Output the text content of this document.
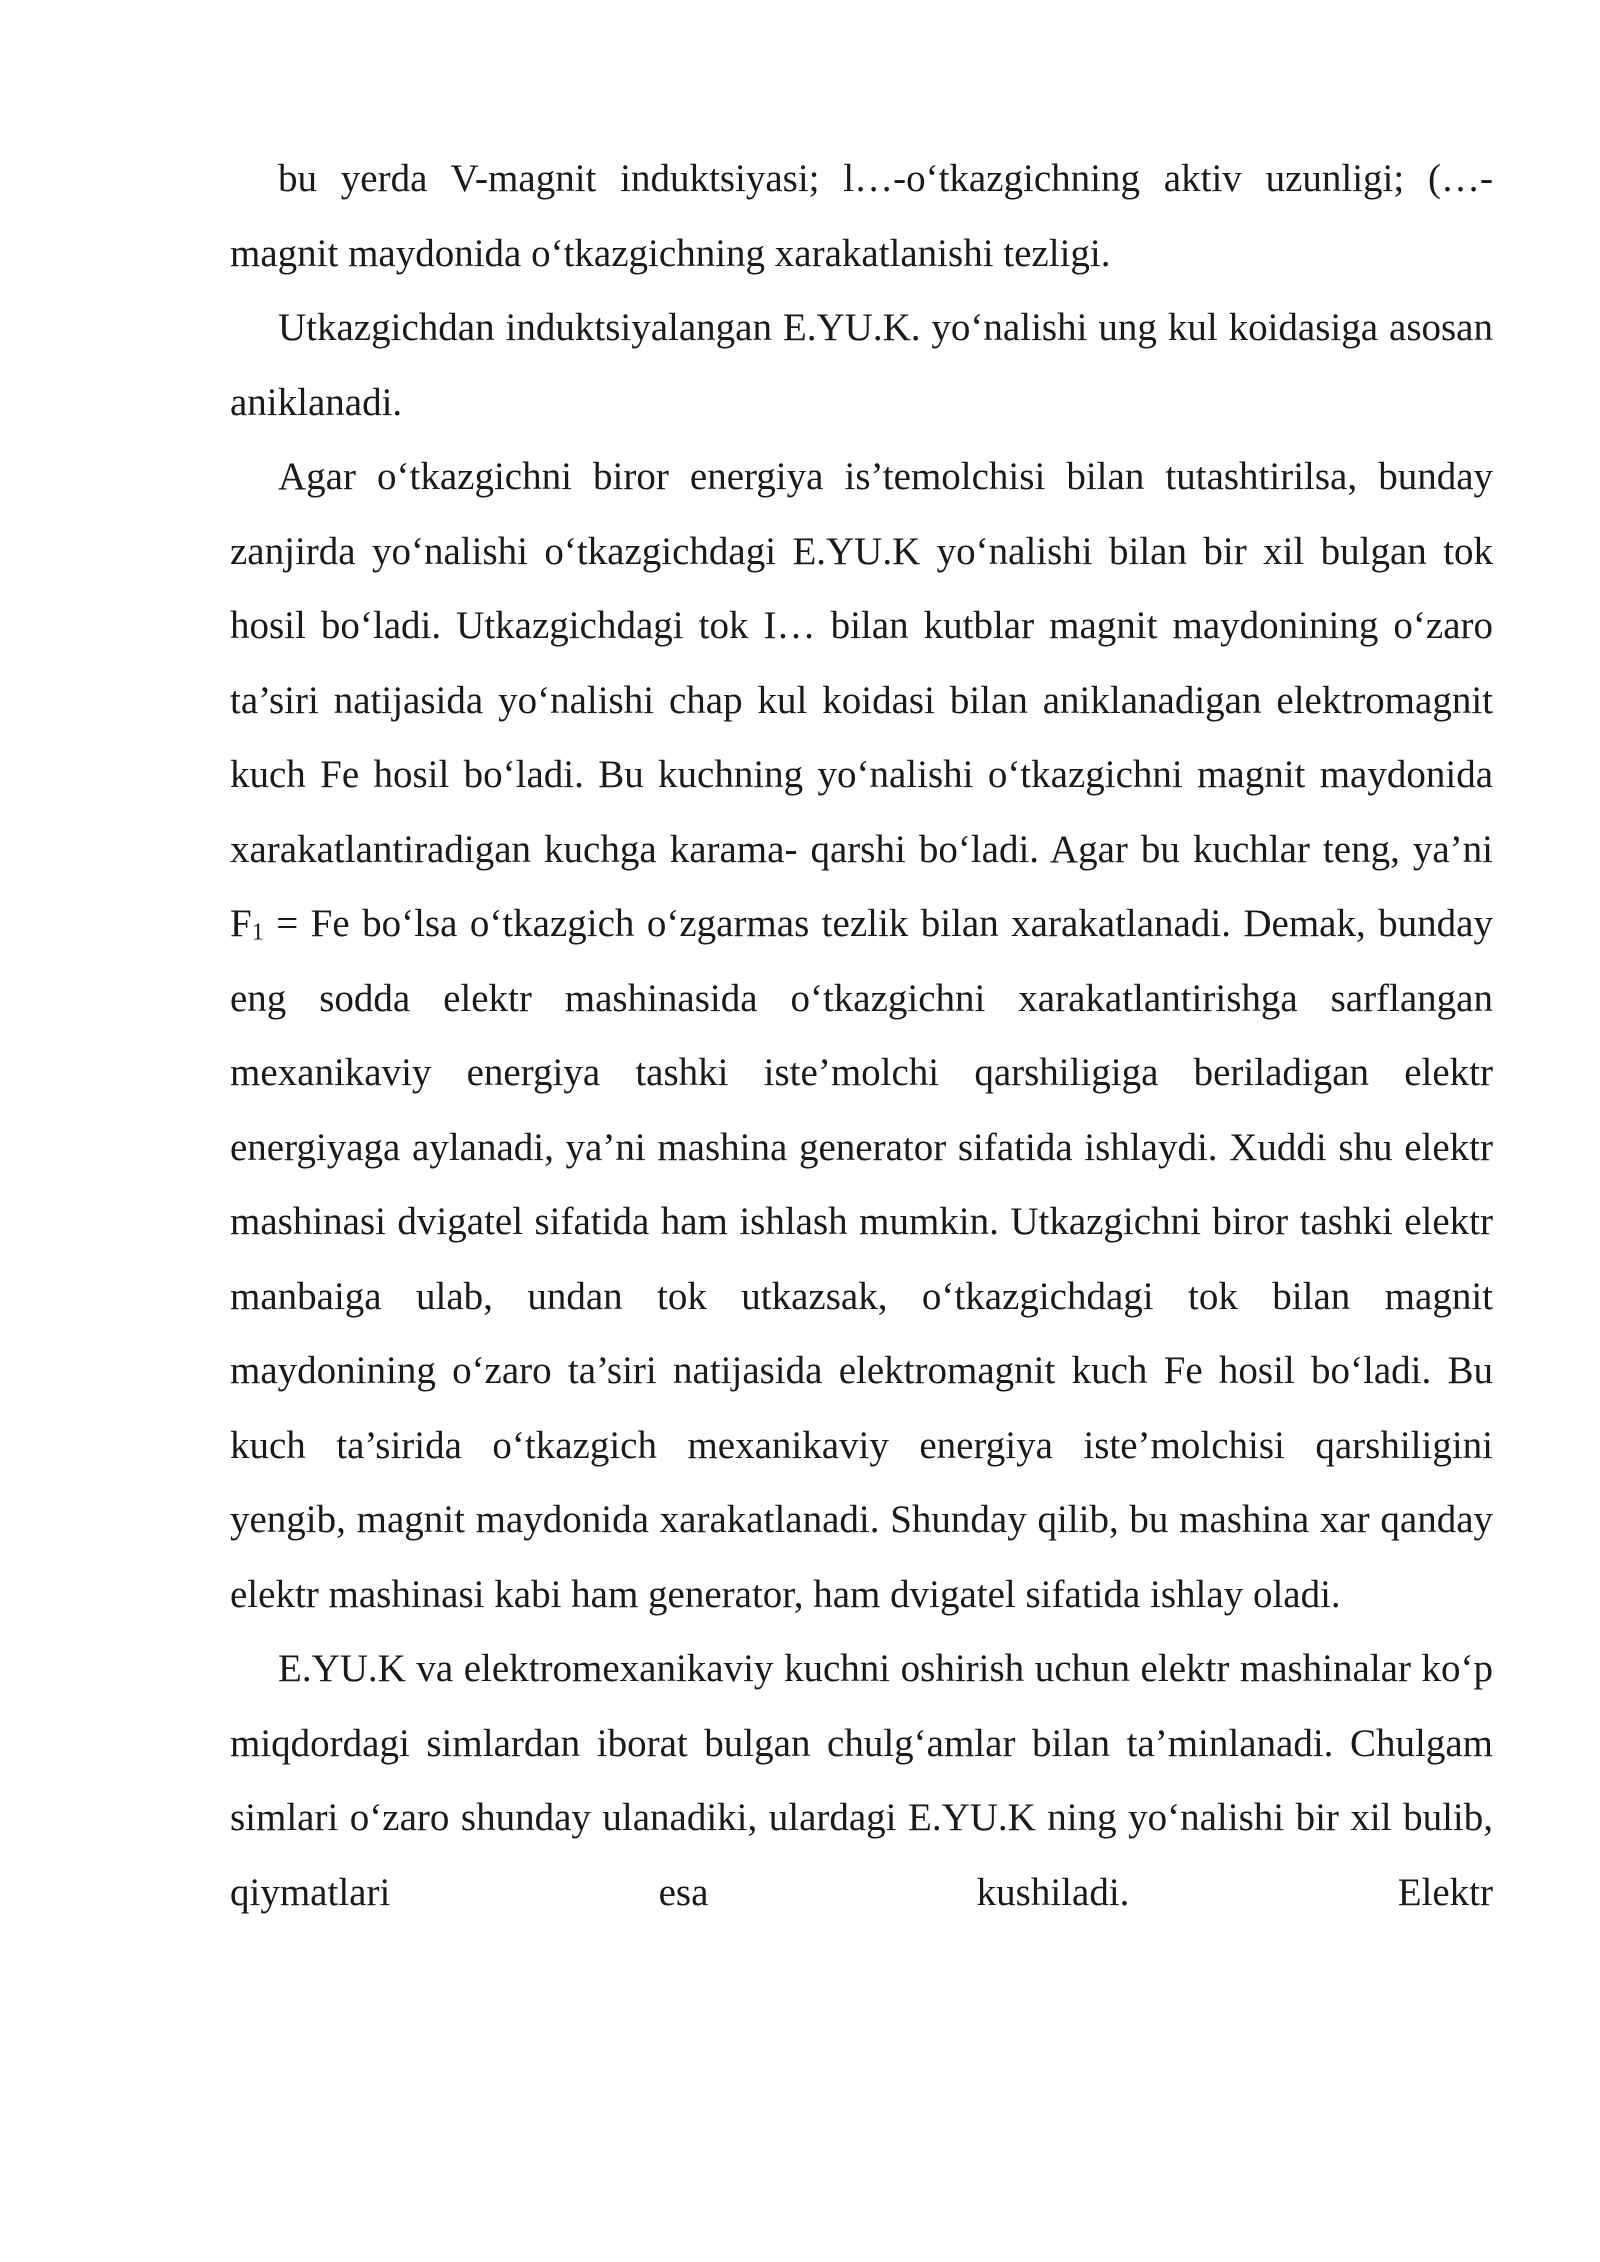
bu yerda V-magnit induktsiyasi; l…-o‘tkazgichning aktiv uzunligi; (…- magnit maydonida o‘tkazgichning xarakatlanishi tezligi.

Utkazgichdan induktsiyalangan E.YU.K. yo‘nalishi ung kul koidasiga asosan aniklanadi.

Agar o‘tkazgichni biror energiya is’temolchisi bilan tutashtirilsa, bunday zanjirda yo‘nalishi o‘tkazgichdagi E.YU.K yo‘nalishi bilan bir xil bulgan tok hosil bo‘ladi. Utkazgichdagi tok I… bilan kutblar magnit maydonining o‘zaro ta’siri natijasida yo‘nalishi chap kul koidasi bilan aniklanadigan elektromagnit kuch Fe hosil bo‘ladi. Bu kuchning yo‘nalishi o‘tkazgichni magnit maydonida xarakatlantiradigan kuchga karama- qarshi bo‘ladi. Agar bu kuchlar teng, ya’ni $F_1 = Fe$ bo‘lsa o‘tkazgich o‘zgarmas tezlik bilan xarakatlanadi. Demak, bunday eng sodda elektr mashinasida o‘tkazgichni xarakatlantirishga sarflangan mexanikaviy energiya tashki iste’molchi qarshiligiga beriladigan elektr energiyaga aylanadi, ya’ni mashina generator sifatida ishlaydi. Xuddi shu elektr mashinasi dvigatel sifatida ham ishlash mumkin. Utkazgichni biror tashki elektr manbaiga ulab, undan tok utkazsak, o‘tkazgichdagi tok bilan magnit maydonining o‘zaro ta’siri natijasida elektromagnit kuch Fe hosil bo‘ladi. Bu kuch ta’sirida o‘tkazgich mexanikaviy energiya iste’molchisi qarshiligini yengib, magnit maydonida xarakatlanadi. Shunday qilib, bu mashina xar qanday elektr mashinasi kabi ham generator, ham dvigatel sifatida ishlay oladi.

E.YU.K va elektromexanikaviy kuchni oshirish uchun elektr mashinalar ko‘p miqdordagi simlardan iborat bulgan chulg‘amlar bilan ta’minlanadi. Chulgam simlari o‘zaro shunday ulanadiki, ulardagi E.YU.K ning yo‘nalishi bir xil bulib, qiymatlari esa kushiladi. Elektr
